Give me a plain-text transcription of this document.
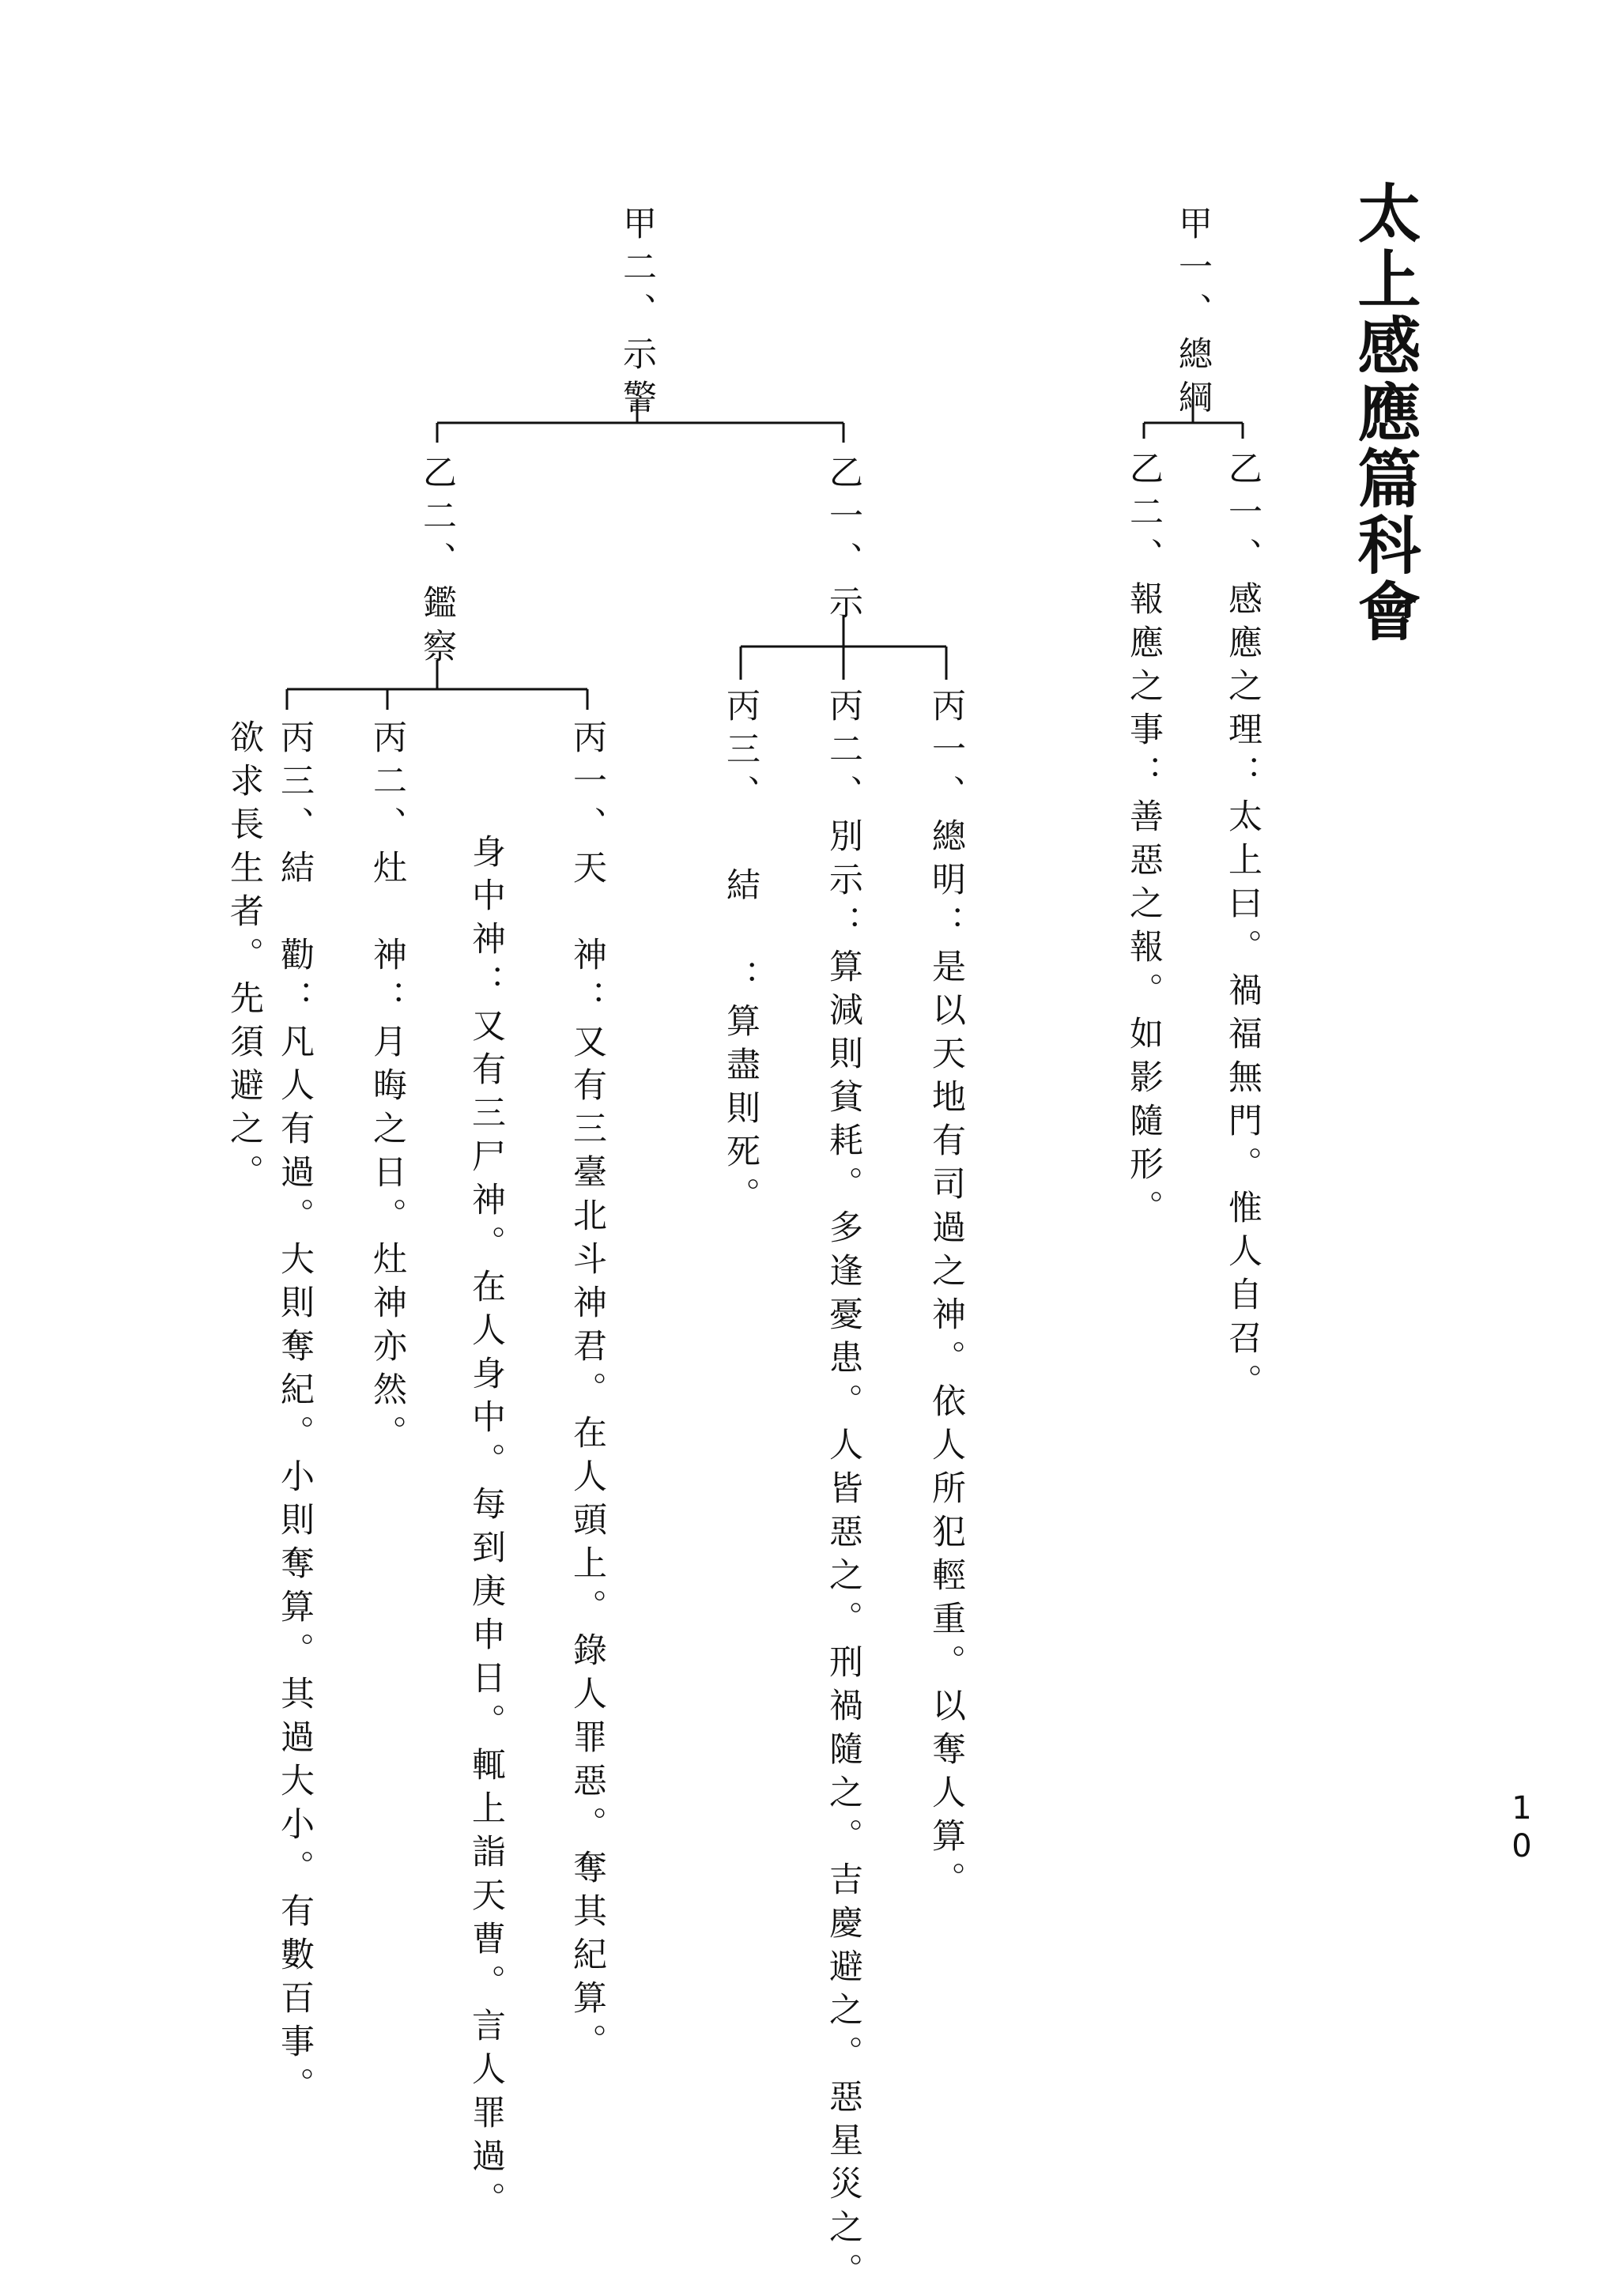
太上感應篇科會
10
甲一、總綱
乙一、感應之理：太上曰。禍福無門。惟人自召。
乙二、報應之事：善惡之報。如影隨形。
甲二、示警
乙一、示
丙一、總明：是以天地有司過之神。依人所犯輕重。以奪人算。
丙二、別示：算減則貧耗。多逢憂患。人皆惡之。刑禍隨之。吉慶避之。惡星災之。
丙三、 結 ：算盡則死。
乙二、鑑察
丙一、天　神：又有三臺北斗神君。在人頭上。錄人罪惡。奪其紀算。
身中神：又有三尸神。在人身中。每到庚申日。輒上詣天曹。言人罪過。
丙二、灶　神：月晦之日。灶神亦然。
丙三、結　勸：凡人有過。大則奪紀。小則奪算。其過大小。有數百事。欲求長生者。先須避之。
